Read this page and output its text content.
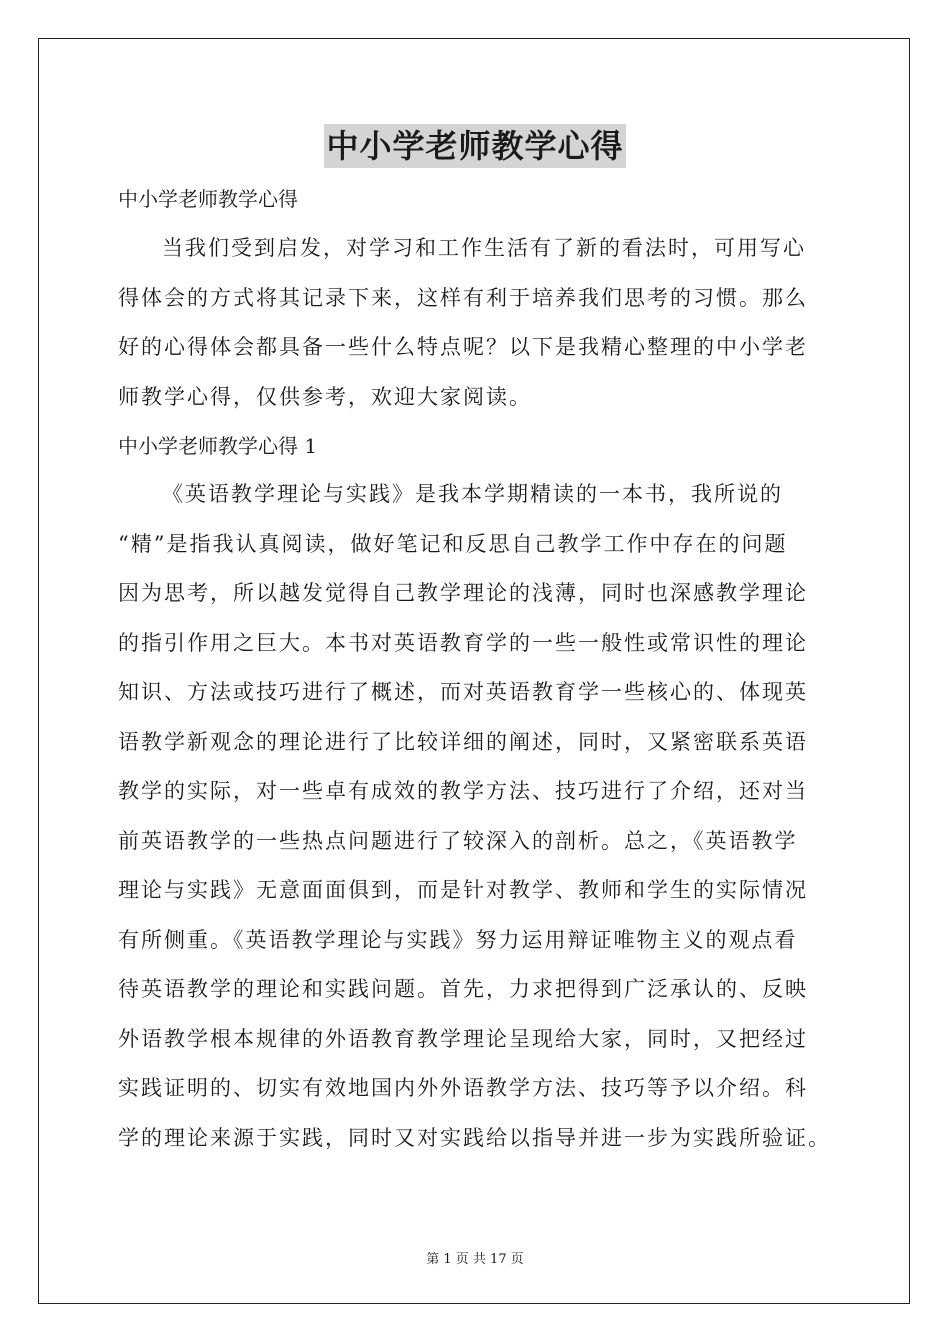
中小学老师教学心得

中小学老师教学心得

当我们受到启发，对学习和工作生活有了新的看法时，可用写心

得体会的方式将其记录下来，这样有利于培养我们思考的习惯。那么

好的心得体会都具备一些什么特点呢？以下是我精心整理的中小学老

师教学心得，仅供参考，欢迎大家阅读。

中小学老师教学心得 1

《英语教学理论与实践》是我本学期精读的一本书，我所说的

“精”是指我认真阅读，做好笔记和反思自己教学工作中存在的问题

因为思考，所以越发觉得自己教学理论的浅薄，同时也深感教学理论

的指引作用之巨大。本书对英语教育学的一些一般性或常识性的理论

知识、方法或技巧进行了概述，而对英语教育学一些核心的、体现英

语教学新观念的理论进行了比较详细的阐述，同时，又紧密联系英语

教学的实际，对一些卓有成效的教学方法、技巧进行了介绍，还对当

前英语教学的一些热点问题进行了较深入的剖析。总之，《英语教学

理论与实践》无意面面俱到，而是针对教学、教师和学生的实际情况

有所侧重。《英语教学理论与实践》努力运用辩证唯物主义的观点看

待英语教学的理论和实践问题。首先，力求把得到广泛承认的、反映

外语教学根本规律的外语教育教学理论呈现给大家，同时，又把经过

实践证明的、切实有效地国内外外语教学方法、技巧等予以介绍。科

学的理论来源于实践，同时又对实践给以指导并进一步为实践所验证。

第 1 页 共 17 页
